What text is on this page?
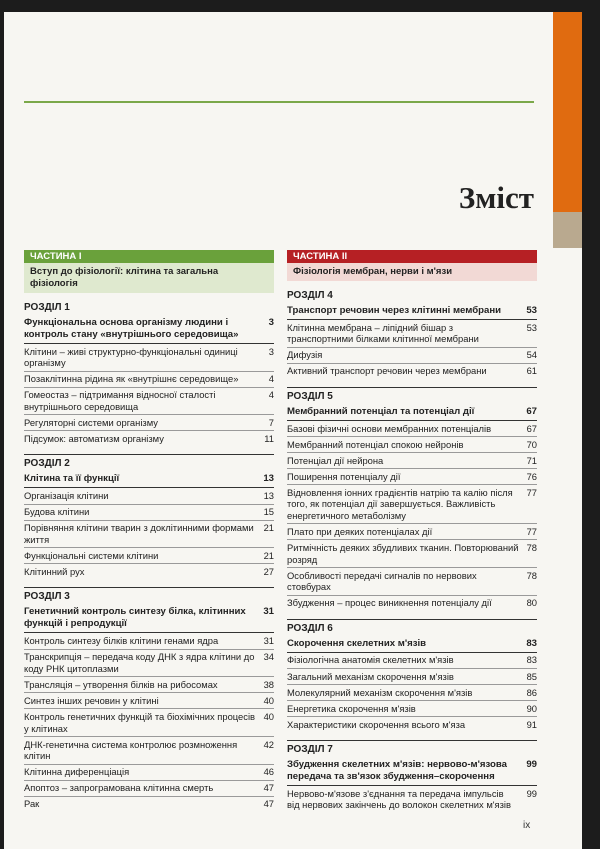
Зміст
ЧАСТИНА I
Вступ до фізіології: клітина та загальна фізіологія
РОЗДІЛ 1
Функціональна основа організму людини і контроль стану «внутрішнього середовища»
3
Клітини – живі структурно-функціональні одиниці організму
3
Позаклітинна рідина як «внутрішнє середовище»	4
Гомеостаз – підтримання відносної сталості внутрішнього середовища
4
Регуляторні системи організму	7
Підсумок: автоматизм організму	11
РОЗДІЛ 2
Клітина та її функції	13
Організація клітини	13
Будова клітини	15
Порівняння клітини тварин з доклітинними формами життя
21
Функціональні системи клітини	21
Клітинний рух	27
РОЗДІЛ 3
Генетичний контроль синтезу білка, клітинних функцій і репродукції
31
Контроль синтезу білків клітини генами ядра	31
Транскрипція – передача коду ДНК з ядра клітини до коду РНК цитоплазми
34
Трансляція – утворення білків на рибосомах	38
Синтез інших речовин у клітині	40
Контроль генетичних функцій та біохімічних процесів у клітинах
40
ДНК-генетична система контролює розмноження клітин
42
Клітинна диференціація	46
Апоптоз – запрограмована клітинна смерть	47
Рак	47
ЧАСТИНА II
Фізіологія мембран, нерви і м'язи
РОЗДІЛ 4
Транспорт речовин через клітинні мембрани	53
Клітинна мембрана – ліпідний бішар з транспортними білками клітинної мембрани
53
Дифузія	54
Активний транспорт речовин через мембрани	61
РОЗДІЛ 5
Мембранний потенціал та потенціал дії	67
Базові фізичні основи мембранних потенціалів	67
Мембранний потенціал спокою нейронів	70
Потенціал дії нейрона	71
Поширення потенціалу дії	76
Відновлення іонних градієнтів натрію та калію після того, як потенціал дії завершується. Важливість енергетичного метаболізму
77
Плато при деяких потенціалах дії	77
Ритмічність деяких збудливих тканин. Повторюваний розряд
78
Особливості передачі сигналів по нервових стовбурах
78
Збудження – процес виникнення потенціалу дії	80
РОЗДІЛ 6
Скорочення скелетних м'язів	83
Фізіологічна анатомія скелетних м'язів	83
Загальний механізм скорочення м'язів	85
Молекулярний механізм скорочення м'язів	86
Енергетика скорочення м'язів	90
Характеристики скорочення всього м'яза	91
РОЗДІЛ 7
Збудження скелетних м'язів: нервово-м'язова передача та зв'язок збудження–скорочення
99
Нервово-м'язове з'єднання та передача імпульсів від нервових закінчень до волокон скелетних м'язів
99
ix
